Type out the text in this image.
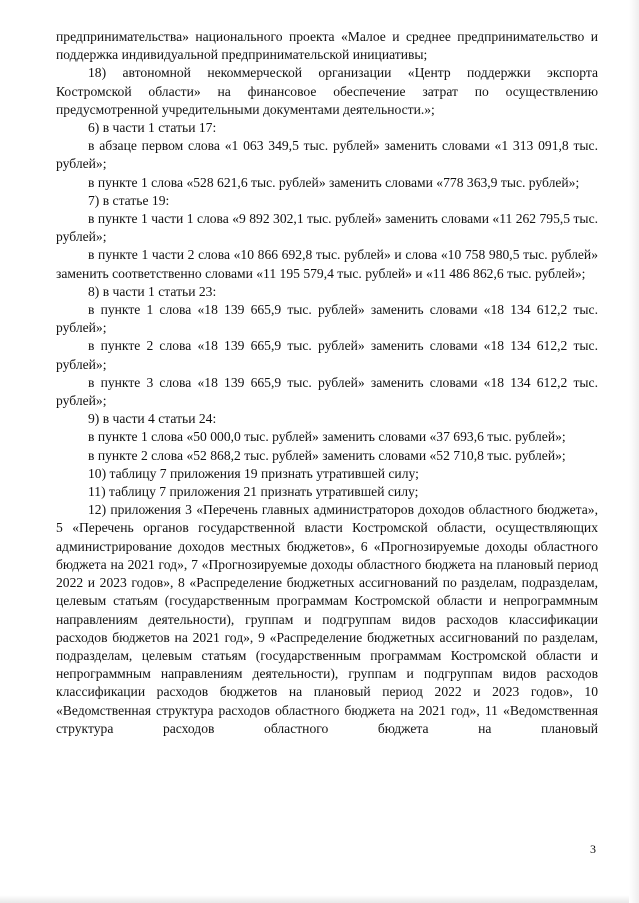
предпринимательства» национального проекта «Малое и среднее предпринимательство и поддержка индивидуальной предпринимательской инициативы;

18) автономной некоммерческой организации «Центр поддержки экспорта Костромской области» на финансовое обеспечение затрат по осуществлению предусмотренной учредительными документами деятельности.»;

6) в части 1 статьи 17:

в абзаце первом слова «1 063 349,5 тыс. рублей» заменить словами «1 313 091,8 тыс. рублей»;

в пункте 1 слова «528 621,6 тыс. рублей» заменить словами «778 363,9 тыс. рублей»;

7) в статье 19:

в пункте 1 части 1 слова «9 892 302,1 тыс. рублей» заменить словами «11 262 795,5 тыс. рублей»;

в пункте 1 части 2 слова «10 866 692,8 тыс. рублей» и слова «10 758 980,5 тыс. рублей» заменить соответственно словами «11 195 579,4 тыс. рублей» и «11 486 862,6 тыс. рублей»;

8) в части 1 статьи 23:

в пункте 1 слова «18 139 665,9 тыс. рублей» заменить словами «18 134 612,2 тыс. рублей»;

в пункте 2 слова «18 139 665,9 тыс. рублей» заменить словами «18 134 612,2 тыс. рублей»;

в пункте 3 слова «18 139 665,9 тыс. рублей» заменить словами «18 134 612,2 тыс. рублей»;

9) в части 4 статьи 24:

в пункте 1 слова «50 000,0 тыс. рублей» заменить словами «37 693,6 тыс. рублей»;

в пункте 2 слова «52 868,2 тыс. рублей» заменить словами «52 710,8 тыс. рублей»;

10) таблицу 7 приложения 19 признать утратившей силу;

11) таблицу 7 приложения 21 признать утратившей силу;

12) приложения 3 «Перечень главных администраторов доходов областного бюджета», 5 «Перечень органов государственной власти Костромской области, осуществляющих администрирование доходов местных бюджетов», 6 «Прогнозируемые доходы областного бюджета на 2021 год», 7 «Прогнозируемые доходы областного бюджета на плановый период 2022 и 2023 годов», 8 «Распределение бюджетных ассигнований по разделам, подразделам, целевым статьям (государственным программам Костромской области и непрограммным направлениям деятельности), группам и подгруппам видов расходов классификации расходов бюджетов на 2021 год», 9 «Распределение бюджетных ассигнований по разделам, подразделам, целевым статьям (государственным программам Костромской области и непрограммным направлениям деятельности), группам и подгруппам видов расходов классификации расходов бюджетов на плановый период 2022 и 2023 годов», 10 «Ведомственная структура расходов областного бюджета на 2021 год», 11 «Ведомственная структура расходов областного бюджета на плановый

3
